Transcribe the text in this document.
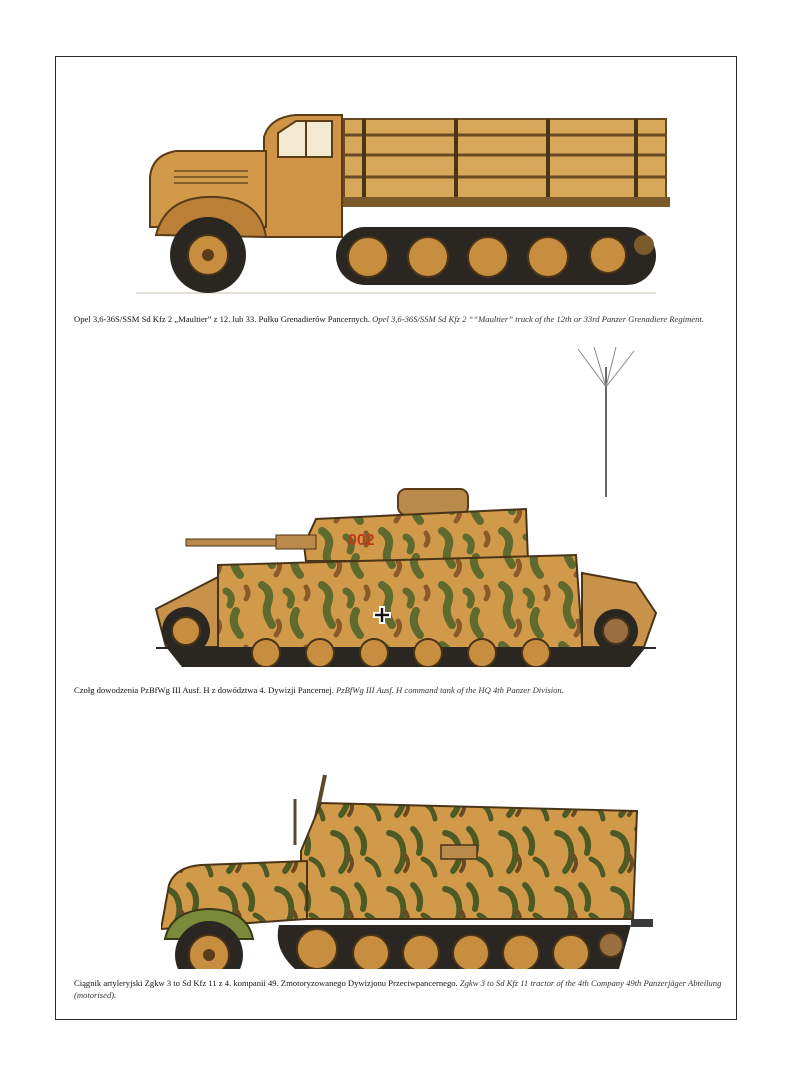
Opel 3,6-36S/SSM Sd Kfz 2 „Maultier” z 12. lub 33. Pułku Grenadierów Pancernych. Opel 3,6-36S/SSM Sd Kfz 2 ““Maultier” truck of the 12th or 33rd Panzer Grenadiere Regiment.
002
Czołg dowodzenia PzBfWg III Ausf. H z dowództwa 4. Dywizji Pancernej. PzBfWg III Ausf. H command tank of the HQ 4th Panzer Division.
Ciągnik artyleryjski Zgkw 3 to Sd Kfz 11 z 4. kompanii 49. Zmotoryzowanego Dywizjonu Przeciwpancernego. Zgkw 3 to Sd Kfz 11 tractor of the 4th Company 49th Panzerjäger Abteilung (motorised).
